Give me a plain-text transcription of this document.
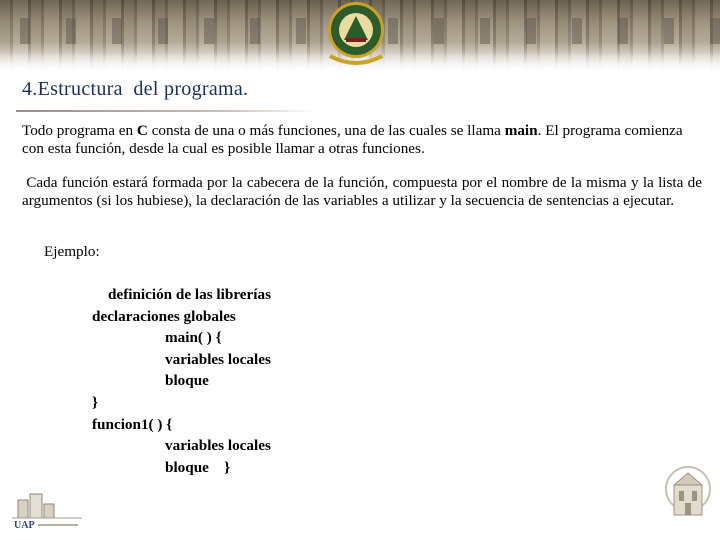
4.Estructura  del programa.

Todo programa en C consta de una o más funciones, una de las cuales se llama main. El programa comienza con esta función, desde la cual es posible llamar a otras funciones.

Cada función estará formada por la cabecera de la función, compuesta por el nombre de la misma y la lista de argumentos (si los hubiese), la declaración de las variables a utilizar y la secuencia de sentencias a ejecutar.

Ejemplo:

definición de las librerías
declaraciones globales
main( ) {
variables locales
bloque
}
funcion1( ) {
variables locales
bloque    }
UAP
